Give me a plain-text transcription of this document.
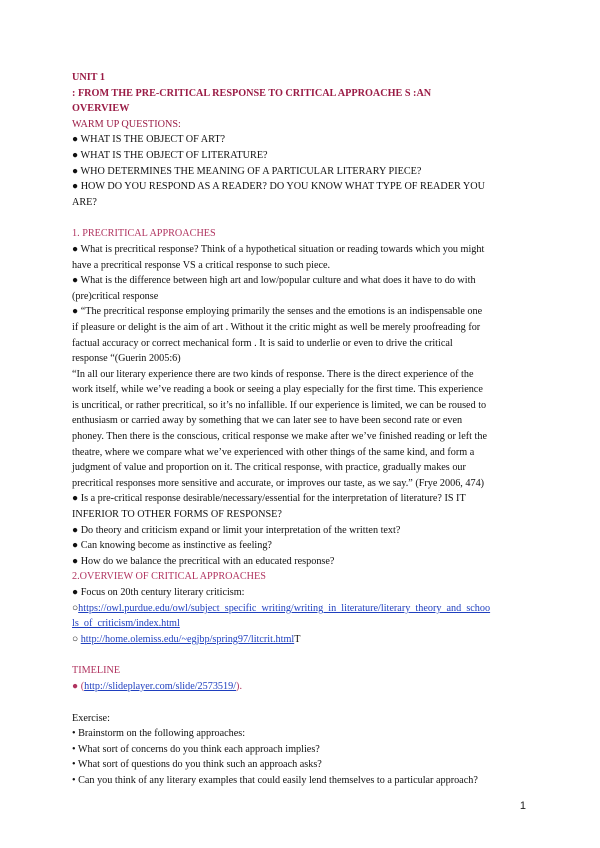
UNIT 1
: FROM THE PRE-CRITICAL RESPONSE TO CRITICAL APPROACHE S :AN
OVERVIEW
WARM UP QUESTIONS:
● WHAT IS THE OBJECT OF ART?
● WHAT IS THE OBJECT OF LITERATURE?
● WHO DETERMINES THE MEANING OF A PARTICULAR LITERARY PIECE?
● HOW DO YOU RESPOND AS A READER? DO YOU KNOW WHAT TYPE OF READER YOU
ARE?
1. PRECRITICAL APPROACHES
● What is precritical response? Think of a hypothetical situation or reading towards which you might
have a precritical response VS a critical response to such piece.
● What is the difference between high art and low/popular culture and what does it have to do with
(pre)critical response
● “The precritical response employing primarily the senses and the emotions is an indispensable one
if pleasure or delight is the aim of art . Without it the critic might as well be merely proofreading for
factual accuracy or correct mechanical form . It is said to underlie or even to drive the critical
response “(Guerin 2005:6)
“In all our literary experience there are two kinds of response. There is the direct experience of the
work itself, while we’ve reading a book or seeing a play especially for the first time. This experience
is uncritical, or rather precritical, so it’s no infallible. If our experience is limited, we can be roused to
enthusiasm or carried away by something that we can later see to have been second rate or even
phoney. Then there is the conscious, critical response we make after we’ve finished reading or left the
theatre, where we compare what we’ve experienced with other things of the same kind, and form a
judgment of value and proportion on it. The critical response, with practice, gradually makes our
precritical responses more sensitive and accurate, or improves our taste, as we say.” (Frye 2006, 474)
● Is a pre-critical response desirable/necessary/essential for the interpretation of literature? IS IT
INFERIOR TO OTHER FORMS OF RESPONSE?
● Do theory and criticism expand or limit your interpretation of the written text?
● Can knowing become as instinctive as feeling?
● How do we balance the precritical with an educated response?
2.OVERVIEW OF CRITICAL APPROACHES
● Focus on 20th century literary criticism:
○https://owl.purdue.edu/owl/subject_specific_writing/writing_in_literature/literary_theory_and_schoo
ls_of_criticism/index.html
○ http://home.olemiss.edu/~egjbp/spring97/litcrit.htmlT
TIMELINE
● (http://slideplayer.com/slide/2573519/).
Exercise:
• Brainstorm on the following approaches:
• What sort of concerns do you think each approach implies?
• What sort of questions do you think such an approach asks?
• Can you think of any literary examples that could easily lend themselves to a particular approach?
1
